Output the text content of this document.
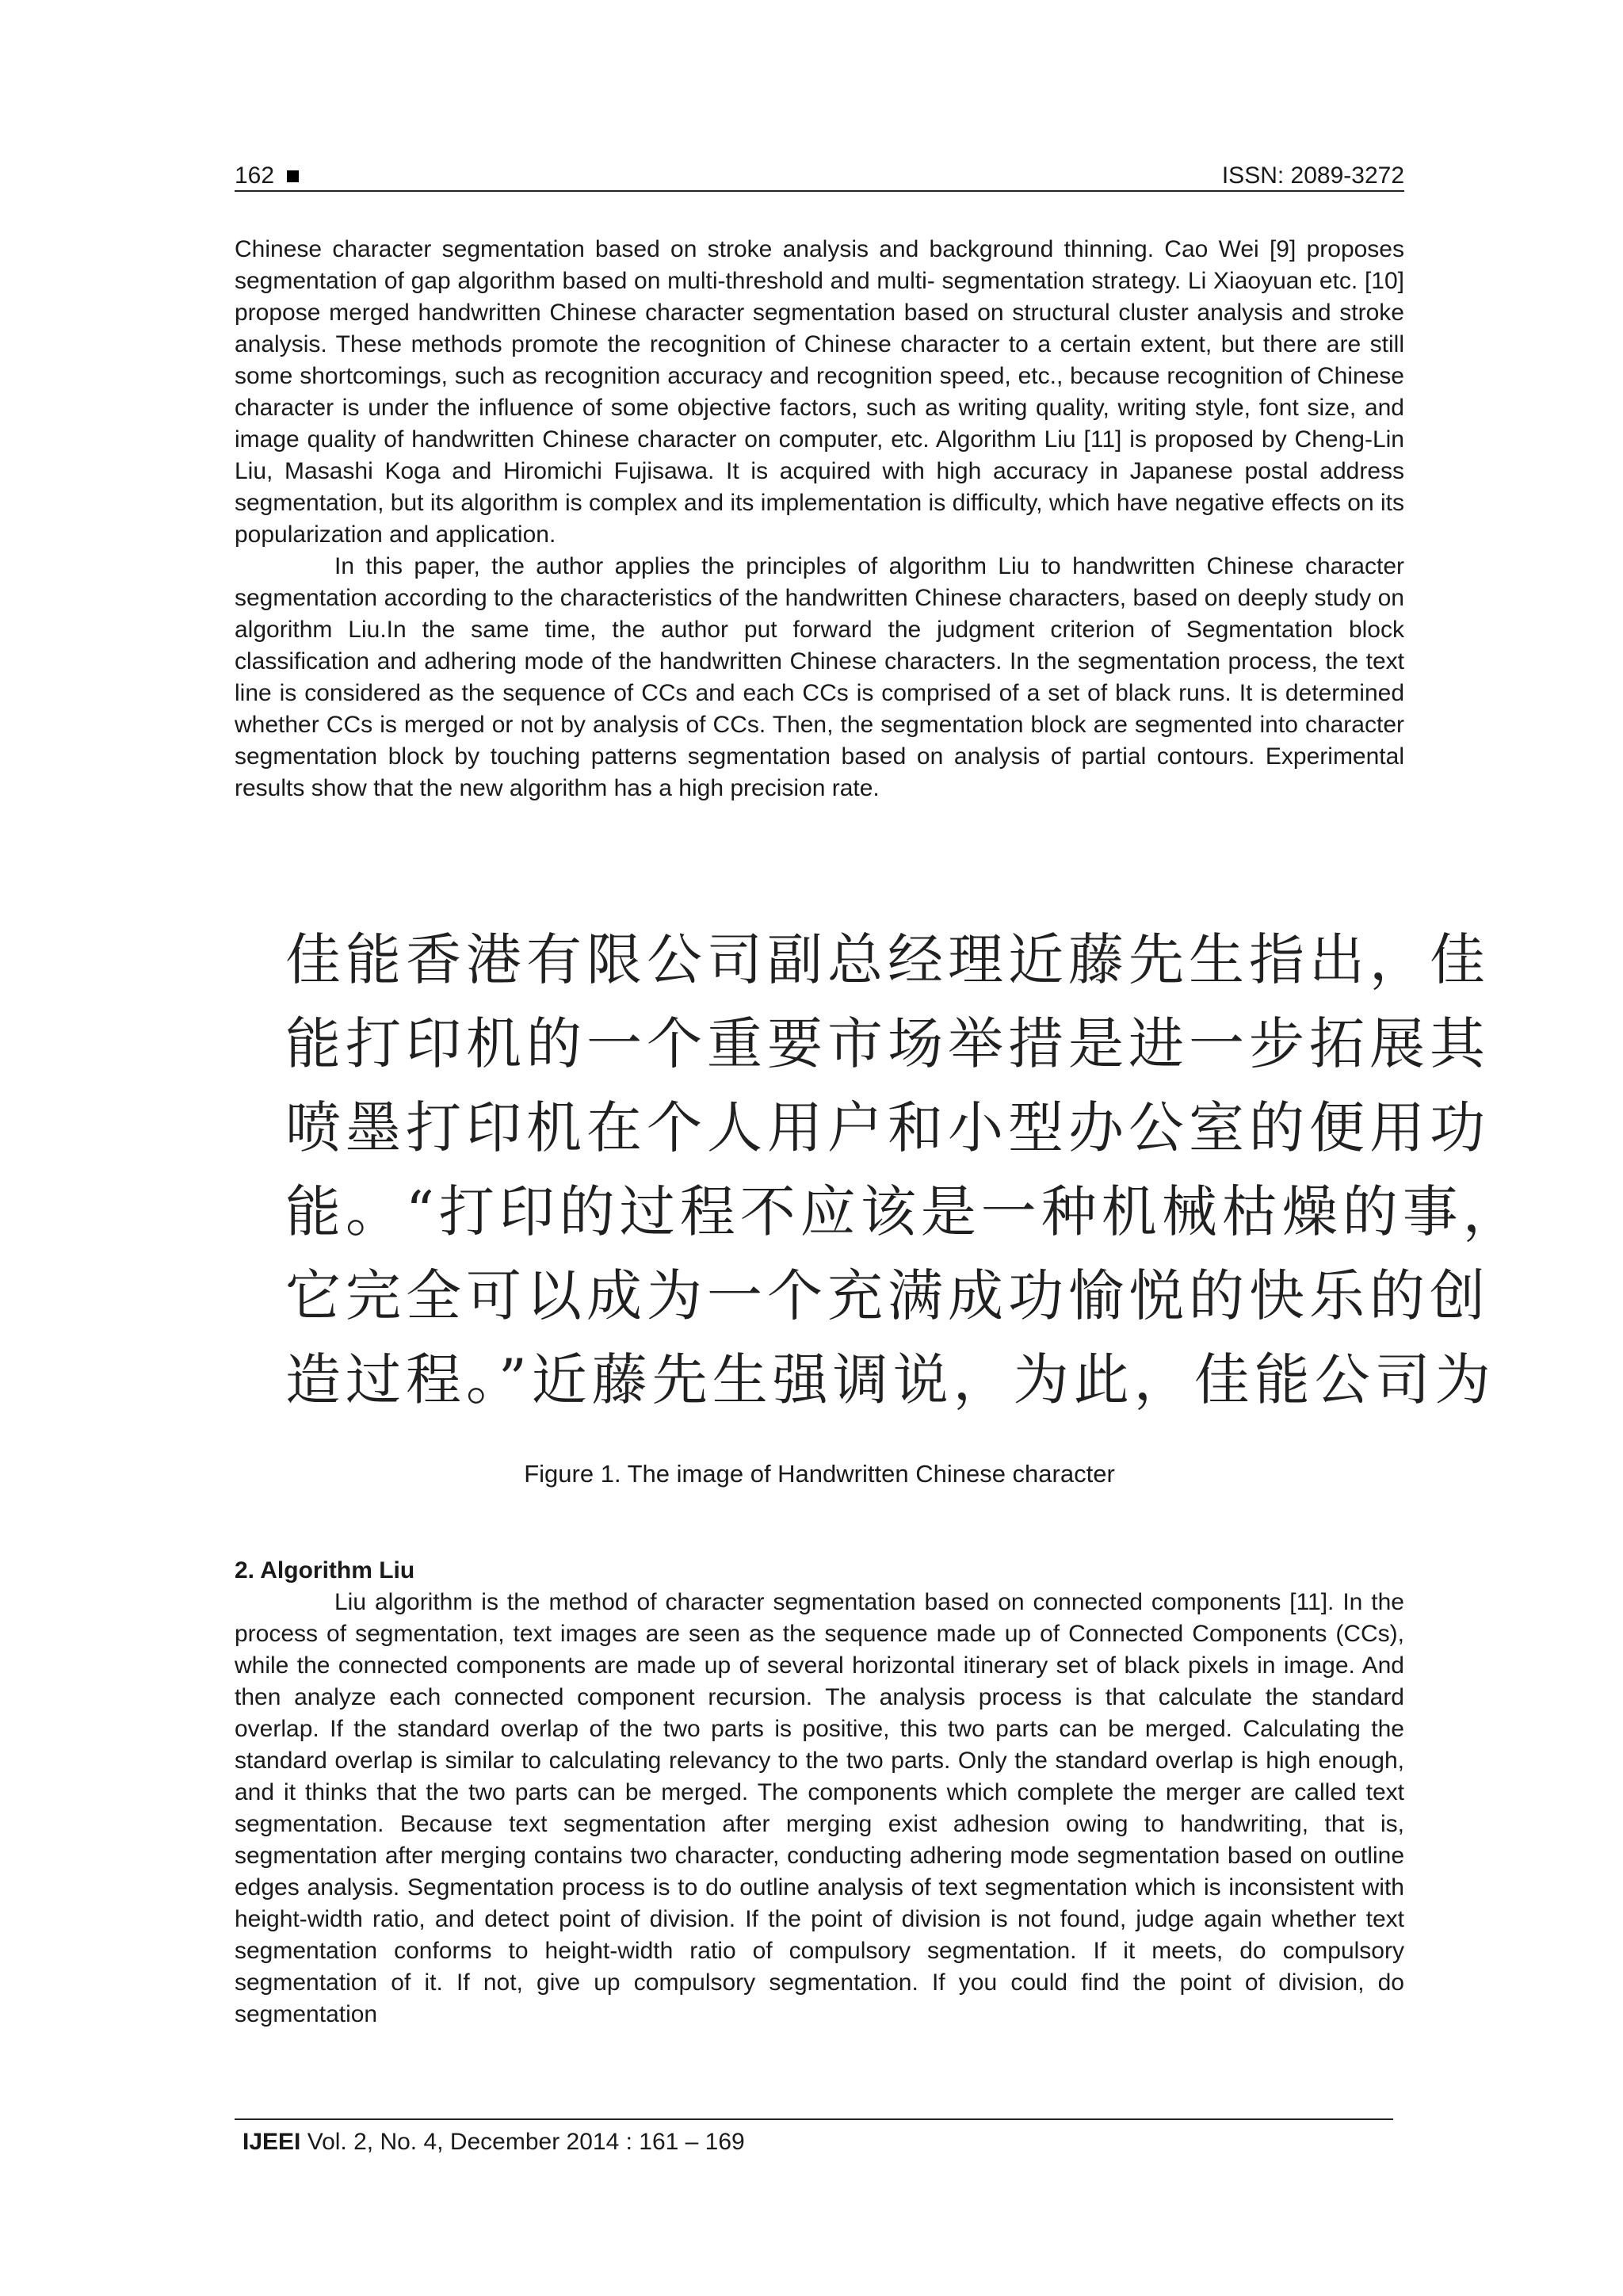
162	ISSN: 2089-3272

Chinese character segmentation based on stroke analysis and background thinning. Cao Wei [9] proposes segmentation of gap algorithm based on multi-threshold and multi- segmentation strategy. Li Xiaoyuan etc. [10] propose merged handwritten Chinese character segmentation based on structural cluster analysis and stroke analysis. These methods promote the recognition of Chinese character to a certain extent, but there are still some shortcomings, such as recognition accuracy and recognition speed, etc., because recognition of Chinese character is under the influence of some objective factors, such as writing quality, writing style, font size, and image quality of handwritten Chinese character on computer, etc. Algorithm Liu [11] is proposed by Cheng-Lin Liu, Masashi Koga and Hiromichi Fujisawa. It is acquired with high accuracy in Japanese postal address segmentation, but its algorithm is complex and its implementation is difficulty, which have negative effects on its popularization and application.

In this paper, the author applies the principles of algorithm Liu to handwritten Chinese character segmentation according to the characteristics of the handwritten Chinese characters, based on deeply study on algorithm Liu.In the same time, the author put forward the judgment criterion of Segmentation block classification and adhering mode of the handwritten Chinese characters. In the segmentation process, the text line is considered as the sequence of CCs and each CCs is comprised of a set of black runs. It is determined whether CCs is merged or not by analysis of CCs. Then, the segmentation block are segmented into character segmentation block by touching patterns segmentation based on analysis of partial contours. Experimental results show that the new algorithm has a high precision rate.

佳能香港有限公司副总经理近藤先生指出，佳
能打印机的一个重要市场举措是进一步拓展其
喷墨打印机在个人用户和小型办公室的便用功
能。“打印的过程不应该是一种机械枯燥的事，
它完全可以成为一个充满成功愉悦的快乐的创
造过程。”近藤先生强调说，为此，佳能公司为
Figure 1. The image of Handwritten Chinese character
2. Algorithm Liu

Liu algorithm is the method of character segmentation based on connected components [11]. In the process of segmentation, text images are seen as the sequence made up of Connected Components (CCs), while the connected components are made up of several horizontal itinerary set of black pixels in image. And then analyze each connected component recursion. The analysis process is that calculate the standard overlap. If the standard overlap of the two parts is positive, this two parts can be merged. Calculating the standard overlap is similar to calculating relevancy to the two parts. Only the standard overlap is high enough, and it thinks that the two parts can be merged. The components which complete the merger are called text segmentation. Because text segmentation after merging exist adhesion owing to handwriting, that is, segmentation after merging contains two character, conducting adhering mode segmentation based on outline edges analysis. Segmentation process is to do outline analysis of text segmentation which is inconsistent with height-width ratio, and detect point of division. If the point of division is not found, judge again whether text segmentation conforms to height-width ratio of compulsory segmentation. If it meets, do compulsory segmentation of it. If not, give up compulsory segmentation. If you could find the point of division, do segmentation

IJEEI Vol. 2, No. 4, December 2014 : 161 – 169
